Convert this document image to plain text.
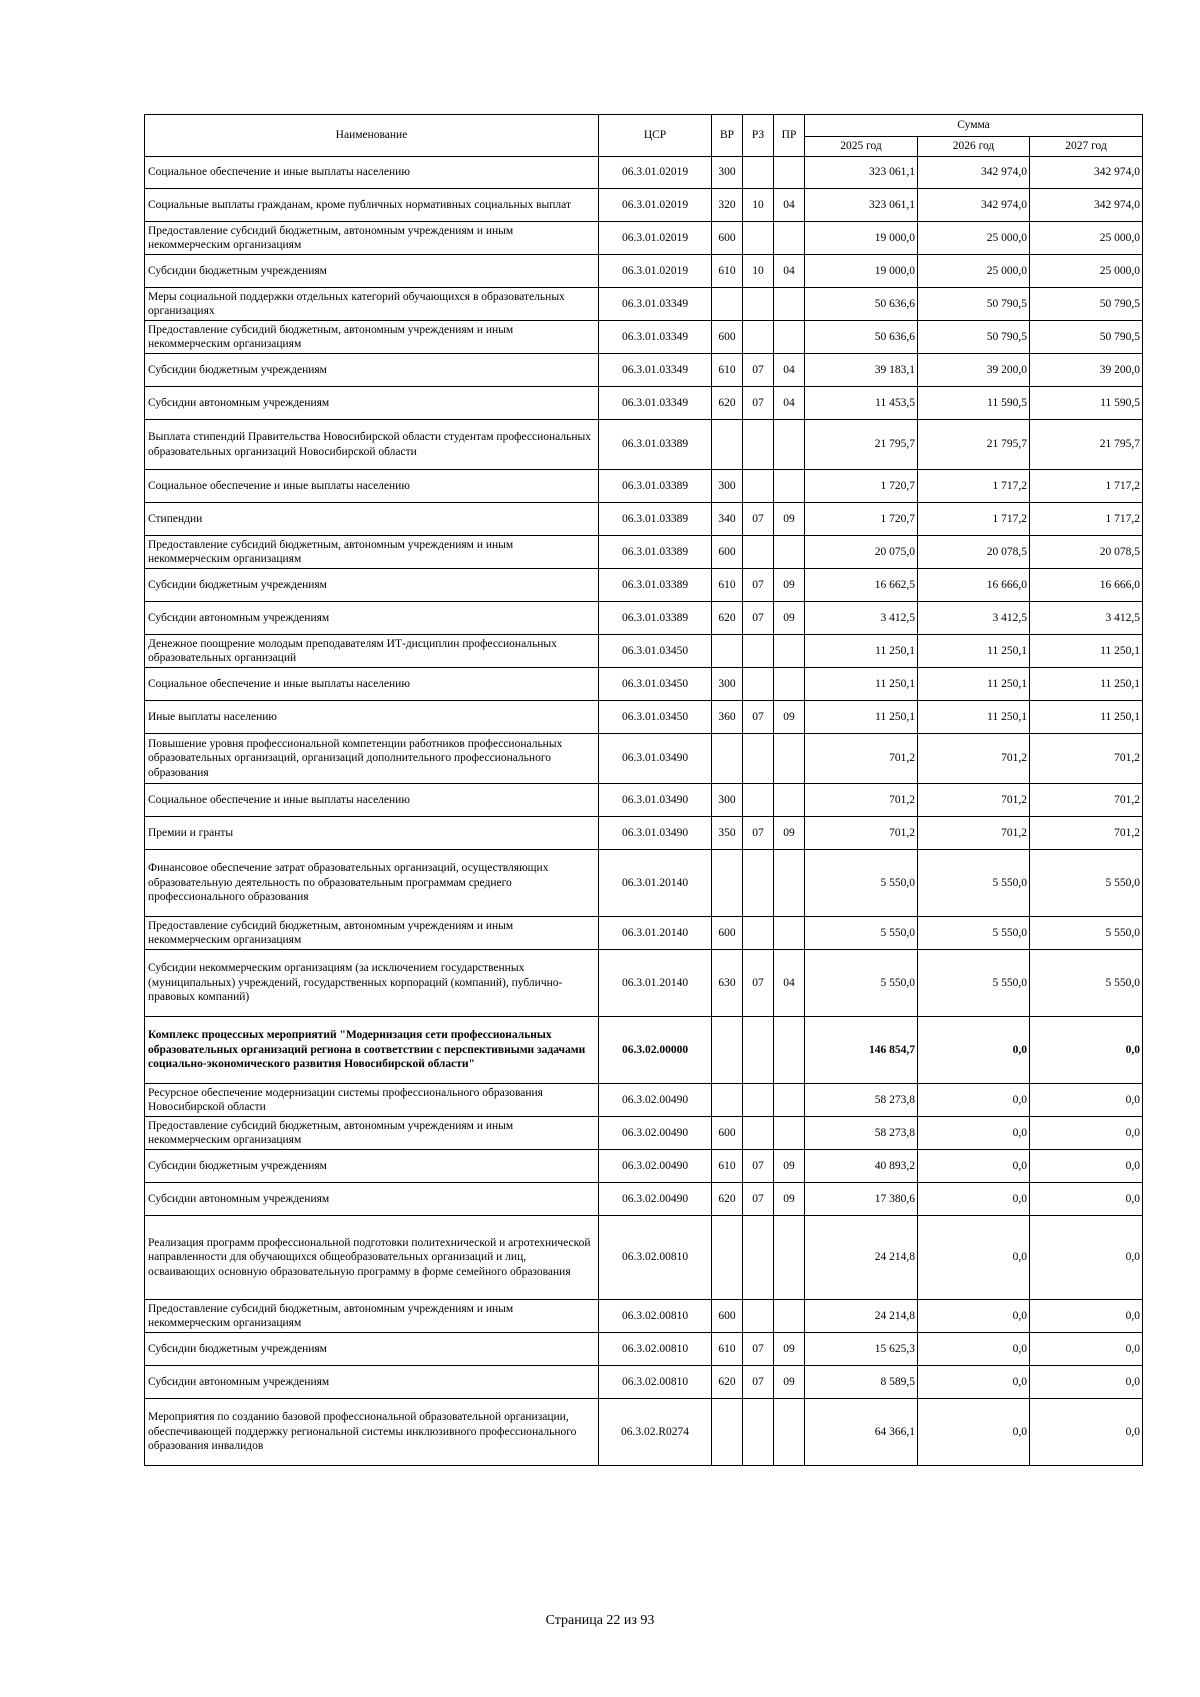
Наименование	ЦСР	ВР	РЗ	ПР	Сумма		
					2025 год	2026 год	2027 год
Социальное обеспечение и иные выплаты населению	06.3.01.02019	300			323 061,1	342 974,0	342 974,0
Социальные выплаты гражданам, кроме публичных нормативных социальных выплат	06.3.01.02019	320	10	04	323 061,1	342 974,0	342 974,0
Предоставление субсидий бюджетным, автономным учреждениям и иным некоммерческим организациям	06.3.01.02019	600			19 000,0	25 000,0	25 000,0
Субсидии бюджетным учреждениям	06.3.01.02019	610	10	04	19 000,0	25 000,0	25 000,0
Меры социальной поддержки отдельных категорий обучающихся в образовательных организациях	06.3.01.03349				50 636,6	50 790,5	50 790,5
Предоставление субсидий бюджетным, автономным учреждениям и иным некоммерческим организациям	06.3.01.03349	600			50 636,6	50 790,5	50 790,5
Субсидии бюджетным учреждениям	06.3.01.03349	610	07	04	39 183,1	39 200,0	39 200,0
Субсидии автономным учреждениям	06.3.01.03349	620	07	04	11 453,5	11 590,5	11 590,5
Выплата стипендий Правительства Новосибирской области студентам профессиональных образовательных организаций Новосибирской области	06.3.01.03389				21 795,7	21 795,7	21 795,7
Социальное обеспечение и иные выплаты населению	06.3.01.03389	300			1 720,7	1 717,2	1 717,2
Стипендии	06.3.01.03389	340	07	09	1 720,7	1 717,2	1 717,2
Предоставление субсидий бюджетным, автономным учреждениям и иным некоммерческим организациям	06.3.01.03389	600			20 075,0	20 078,5	20 078,5
Субсидии бюджетным учреждениям	06.3.01.03389	610	07	09	16 662,5	16 666,0	16 666,0
Субсидии автономным учреждениям	06.3.01.03389	620	07	09	3 412,5	3 412,5	3 412,5
Денежное поощрение молодым преподавателям ИТ-дисциплин профессиональных образовательных организаций	06.3.01.03450				11 250,1	11 250,1	11 250,1
Социальное обеспечение и иные выплаты населению	06.3.01.03450	300			11 250,1	11 250,1	11 250,1
Иные выплаты населению	06.3.01.03450	360	07	09	11 250,1	11 250,1	11 250,1
Повышение уровня профессиональной компетенции работников профессиональных образовательных организаций, организаций дополнительного профессионального образования	06.3.01.03490				701,2	701,2	701,2
Социальное обеспечение и иные выплаты населению	06.3.01.03490	300			701,2	701,2	701,2
Премии и гранты	06.3.01.03490	350	07	09	701,2	701,2	701,2
Финансовое обеспечение затрат образовательных организаций, осуществляющих образовательную деятельность по образовательным программам среднего профессионального образования	06.3.01.20140				5 550,0	5 550,0	5 550,0
Предоставление субсидий бюджетным, автономным учреждениям и иным некоммерческим организациям	06.3.01.20140	600			5 550,0	5 550,0	5 550,0
Субсидии некоммерческим организациям (за исключением государственных (муниципальных) учреждений, государственных корпораций (компаний), публично-правовых компаний)	06.3.01.20140	630	07	04	5 550,0	5 550,0	5 550,0
Комплекс процессных мероприятий "Модернизация сети профессиональных образовательных организаций региона в соответствии с перспективными задачами социально-экономического развития Новосибирской области"	06.3.02.00000				146 854,7	0,0	0,0
Ресурсное обеспечение модернизации системы профессионального образования Новосибирской области	06.3.02.00490				58 273,8	0,0	0,0
Предоставление субсидий бюджетным, автономным учреждениям и иным некоммерческим организациям	06.3.02.00490	600			58 273,8	0,0	0,0
Субсидии бюджетным учреждениям	06.3.02.00490	610	07	09	40 893,2	0,0	0,0
Субсидии автономным учреждениям	06.3.02.00490	620	07	09	17 380,6	0,0	0,0
Реализация программ профессиональной подготовки политехнической и агротехнической направленности для обучающихся общеобразовательных организаций и лиц, осваивающих основную образовательную программу в форме семейного образования	06.3.02.00810				24 214,8	0,0	0,0
Предоставление субсидий бюджетным, автономным учреждениям и иным некоммерческим организациям	06.3.02.00810	600			24 214,8	0,0	0,0
Субсидии бюджетным учреждениям	06.3.02.00810	610	07	09	15 625,3	0,0	0,0
Субсидии автономным учреждениям	06.3.02.00810	620	07	09	8 589,5	0,0	0,0
Мероприятия по созданию базовой профессиональной образовательной организации, обеспечивающей поддержку региональной системы инклюзивного профессионального образования инвалидов	06.3.02.R0274				64 366,1	0,0	0,0
Страница 22 из 93
